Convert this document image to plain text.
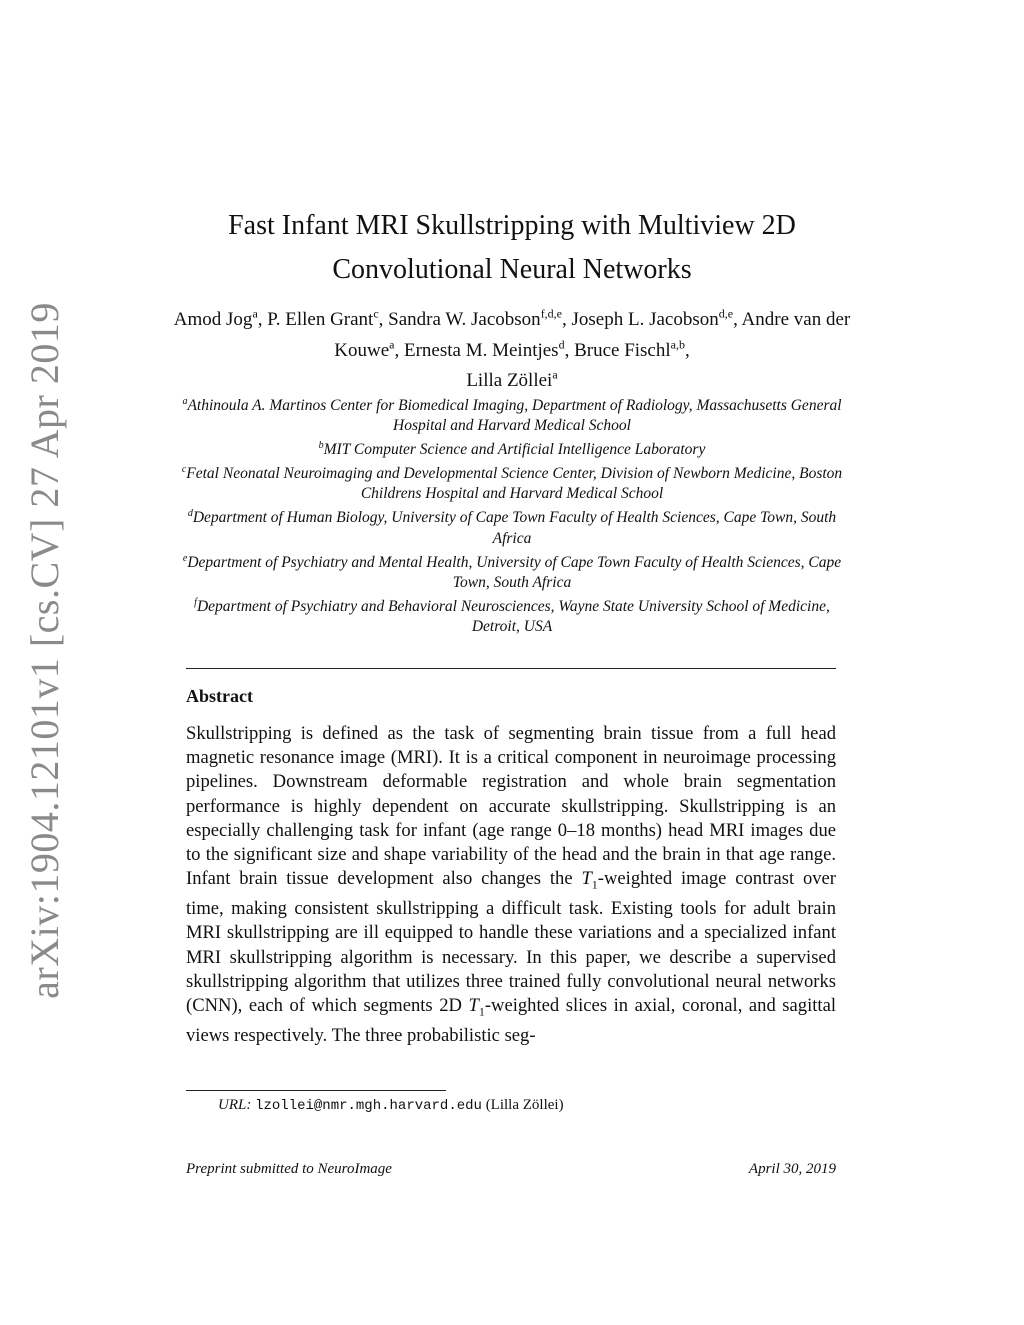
arXiv:1904.12101v1 [cs.CV] 27 Apr 2019
Fast Infant MRI Skullstripping with Multiview 2D
Convolutional Neural Networks
Amod Jog$^a$, P. Ellen Grant$^c$, Sandra W. Jacobson$^{f,d,e}$, Joseph L. Jacobson$^{d,e}$, Andre van der Kouwe$^a$, Ernesta M. Meintjes$^d$, Bruce Fischl$^{a,b}$,
Lilla Zöllei$^a$
$^a$Athinoula A. Martinos Center for Biomedical Imaging, Department of Radiology, Massachusetts General Hospital and Harvard Medical School
$^b$MIT Computer Science and Artificial Intelligence Laboratory
$^c$Fetal Neonatal Neuroimaging and Developmental Science Center, Division of Newborn Medicine, Boston Childrens Hospital and Harvard Medical School
$^d$Department of Human Biology, University of Cape Town Faculty of Health Sciences, Cape Town, South Africa
$^e$Department of Psychiatry and Mental Health, University of Cape Town Faculty of Health Sciences, Cape Town, South Africa
$^f$Department of Psychiatry and Behavioral Neurosciences, Wayne State University School of Medicine, Detroit, USA
Abstract

Skullstripping is defined as the task of segmenting brain tissue from a full head magnetic resonance image (MRI). It is a critical component in neuroimage processing pipelines. Downstream deformable registration and whole brain segmentation performance is highly dependent on accurate skullstripping. Skullstripping is an especially challenging task for infant (age range 0–18 months) head MRI images due to the significant size and shape variability of the head and the brain in that age range. Infant brain tissue development also changes the $T_1$-weighted image contrast over time, making consistent skullstripping a difficult task. Existing tools for adult brain MRI skullstripping are ill equipped to handle these variations and a specialized infant MRI skullstripping algorithm is necessary. In this paper, we describe a supervised skullstripping algorithm that utilizes three trained fully convolutional neural networks (CNN), each of which segments 2D $T_1$-weighted slices in axial, coronal, and sagittal views respectively. The three probabilistic seg-

URL: lzollei@nmr.mgh.harvard.edu (Lilla Zöllei)
Preprint submitted to NeuroImage	April 30, 2019
